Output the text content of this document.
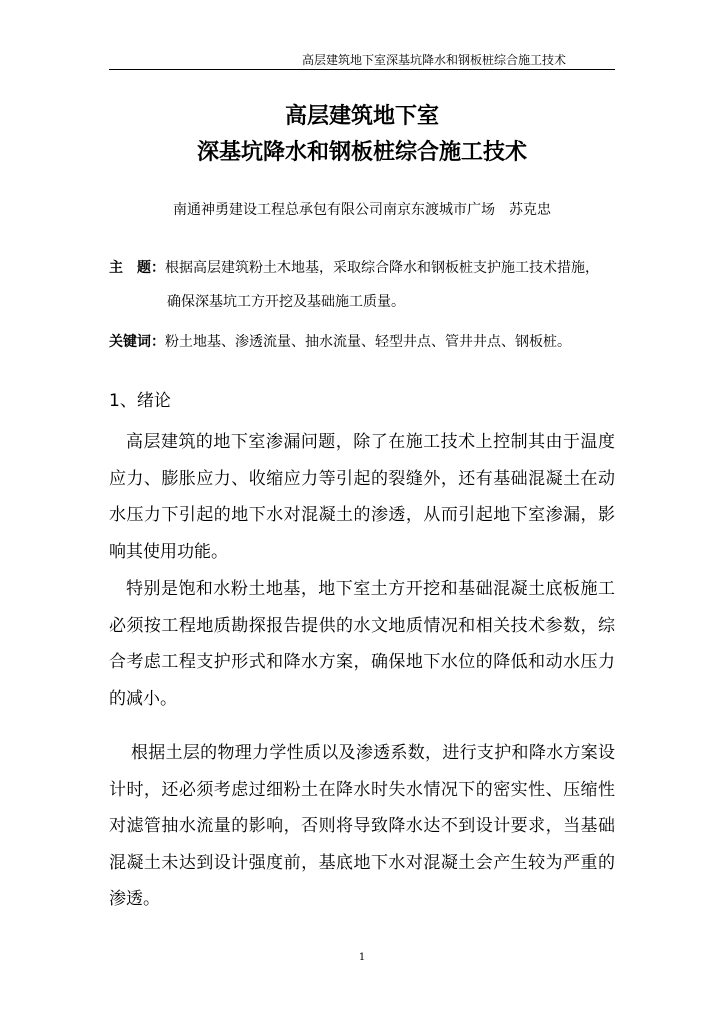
高层建筑地下室深基坑降水和钢板桩综合施工技术
高层建筑地下室
深基坑降水和钢板桩综合施工技术
南通神勇建设工程总承包有限公司南京东渡城市广场　苏克忠
主　题：根据高层建筑粉土木地基，采取综合降水和钢板桩支护施工技术措施，
确保深基坑工方开挖及基础施工质量。
关键词：粉土地基、渗透流量、抽水流量、轻型井点、管井井点、钢板桩。
1、绪论
高层建筑的地下室渗漏问题，除了在施工技术上控制其由于温度应力、膨胀应力、收缩应力等引起的裂缝外，还有基础混凝土在动水压力下引起的地下水对混凝土的渗透，从而引起地下室渗漏，影响其使用功能。
特别是饱和水粉土地基，地下室土方开挖和基础混凝土底板施工必须按工程地质勘探报告提供的水文地质情况和相关技术参数，综合考虑工程支护形式和降水方案，确保地下水位的降低和动水压力的减小。
根据土层的物理力学性质以及渗透系数，进行支护和降水方案设计时，还必须考虑过细粉土在降水时失水情况下的密实性、压缩性对滤管抽水流量的影响，否则将导致降水达不到设计要求，当基础混凝土未达到设计强度前，基底地下水对混凝土会产生较为严重的渗透。
1
